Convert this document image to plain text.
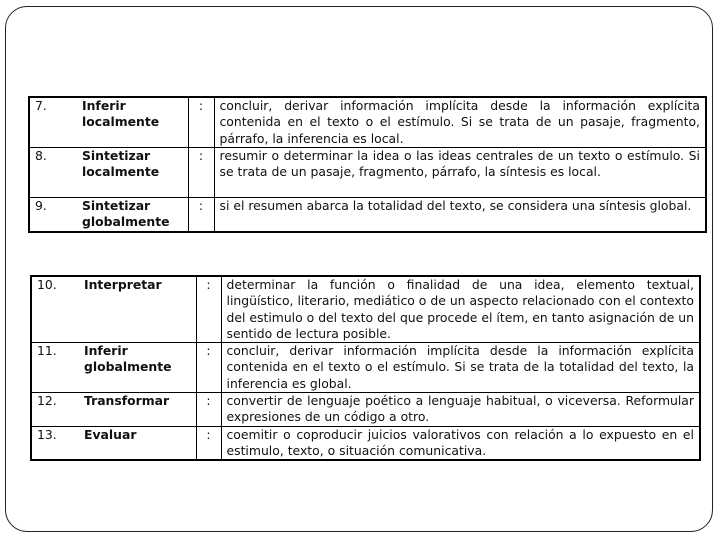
7.	Inferir localmente	:	concluir, derivar información implícita desde la información explícita contenida en el texto o el estímulo. Si se trata de un pasaje, fragmento, párrafo, la inferencia es local.
8.	Sintetizar localmente	:	resumir o determinar la idea o las ideas centrales de un texto o estímulo. Si se trata de un pasaje, fragmento, párrafo, la síntesis es local.
9.	Sintetizar globalmente	:	si el resumen abarca la totalidad del texto, se considera una síntesis global.
10.	Interpretar	:	determinar la función o finalidad de una idea, elemento textual, lingüístico, literario, mediático o de un aspecto relacionado con el contexto del estimulo o del texto del que procede el ítem, en tanto asignación de un sentido de lectura posible.
11.	Inferir globalmente	:	concluir, derivar información implícita desde la información explícita contenida en el texto o el estímulo. Si se trata de la totalidad del texto, la inferencia es global.
12.	Transformar	:	convertir de lenguaje poético a lenguaje habitual, o viceversa. Reformular expresiones de un código a otro.
13.	Evaluar	:	coemitir o coproducir juicios valorativos con relación a lo expuesto en el estimulo, texto, o situación comunicativa.
